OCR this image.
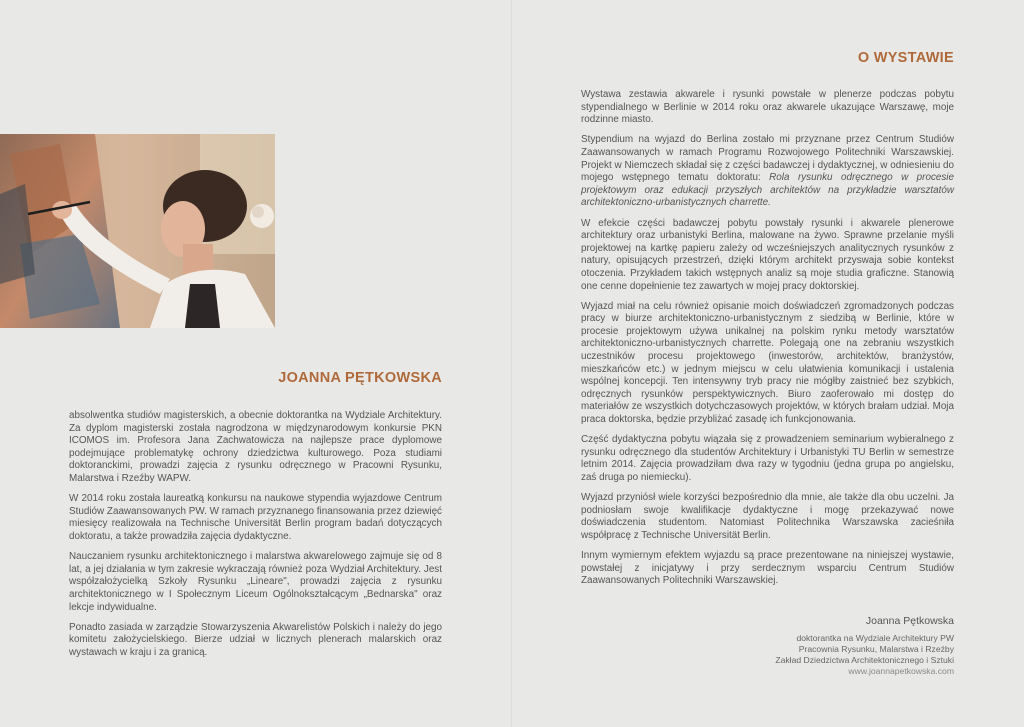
JOANNA PĘTKOWSKA

absolwentka studiów magisterskich, a obecnie doktorantka na Wydziale Architektury. Za dyplom magisterski została nagrodzona w międzynarodowym konkursie PKN ICOMOS im. Profesora Jana Zachwatowicza na najlepsze prace dyplomowe podejmujące problematykę ochrony dziedzictwa kulturowego. Poza studiami doktoranckimi, prowadzi zajęcia z rysunku odręcznego w Pracowni Rysunku, Malarstwa i Rzeźby WAPW.

W 2014 roku została laureatką konkursu na naukowe stypendia wyjazdowe Centrum Studiów Zaawansowanych PW. W ramach przyznanego finansowania przez dziewięć miesięcy realizowała na Technische Universität Berlin program badań dotyczących doktoratu, a także prowadziła zajęcia dydaktyczne.

Nauczaniem rysunku architektonicznego i malarstwa akwarelowego zajmuje się od 8 lat, a jej działania w tym zakresie wykraczają również poza Wydział Architektury. Jest współzałożycielką Szkoły Rysunku „Lineare", prowadzi zajęcia z rysunku architektonicznego w I Społecznym Liceum Ogólnokształcącym „Bednarska" oraz lekcje indywidualne.

Ponadto zasiada w zarządzie Stowarzyszenia Akwarelistów Polskich i należy do jego komitetu założycielskiego. Bierze udział w licznych plenerach malarskich oraz wystawach w kraju i za granicą.

O WYSTAWIE

Wystawa zestawia akwarele i rysunki powstałe w plenerze podczas pobytu stypendialnego w Berlinie w 2014 roku oraz akwarele ukazujące Warszawę, moje rodzinne miasto.

Stypendium na wyjazd do Berlina zostało mi przyznane przez Centrum Studiów Zaawansowanych w ramach Programu Rozwojowego Politechniki Warszawskiej. Projekt w Niemczech składał się z części badawczej i dydaktycznej, w odniesieniu do mojego wstępnego tematu doktoratu: Rola rysunku odręcznego w procesie projektowym oraz edukacji przyszłych architektów na przykładzie warsztatów architektoniczno-urbanistycznych charrette.

W efekcie części badawczej pobytu powstały rysunki i akwarele plenerowe architektury oraz urbanistyki Berlina, malowane na żywo. Sprawne przelanie myśli projektowej na kartkę papieru zależy od wcześniejszych analitycznych rysunków z natury, opisujących przestrzeń, dzięki którym architekt przyswaja sobie kontekst otoczenia. Przykładem takich wstępnych analiz są moje studia graficzne. Stanowią one cenne dopełnienie tez zawartych w mojej pracy doktorskiej.

Wyjazd miał na celu również opisanie moich doświadczeń zgromadzonych podczas pracy w biurze architektoniczno-urbanistycznym z siedzibą w Berlinie, które w procesie projektowym używa unikalnej na polskim rynku metody warsztatów architektoniczno-urbanistycznych charrette. Polegają one na zebraniu wszystkich uczestników procesu projektowego (inwestorów, architektów, branżystów, mieszkańców etc.) w jednym miejscu w celu ułatwienia komunikacji i ustalenia wspólnej koncepcji. Ten intensywny tryb pracy nie mógłby zaistnieć bez szybkich, odręcznych rysunków perspektywicznych. Biuro zaoferowało mi dostęp do materiałów ze wszystkich dotychczasowych projektów, w których brałam udział. Moja praca doktorska, będzie przybliżać zasadę ich funkcjonowania.

Część dydaktyczna pobytu wiązała się z prowadzeniem seminarium wybieralnego z rysunku odręcznego dla studentów Architektury i Urbanistyki TU Berlin w semestrze letnim 2014. Zajęcia prowadziłam dwa razy w tygodniu (jedna grupa po angielsku, zaś druga po niemiecku).

Wyjazd przyniósł wiele korzyści bezpośrednio dla mnie, ale także dla obu uczelni. Ja podniosłam swoje kwalifikacje dydaktyczne i mogę przekazywać nowe doświadczenia studentom. Natomiast Politechnika Warszawska zacieśniła współpracę z Technische Universität Berlin.

Innym wymiernym efektem wyjazdu są prace prezentowane na niniejszej wystawie, powstałej z inicjatywy i przy serdecznym wsparciu Centrum Studiów Zaawansowanych Politechniki Warszawskiej.

Joanna Pętkowska
doktorantka na Wydziale Architektury PW
Pracownia Rysunku, Malarstwa i Rzeźby
Zakład Dziedzictwa Architektonicznego i Sztuki
www.joannapetkowska.com
